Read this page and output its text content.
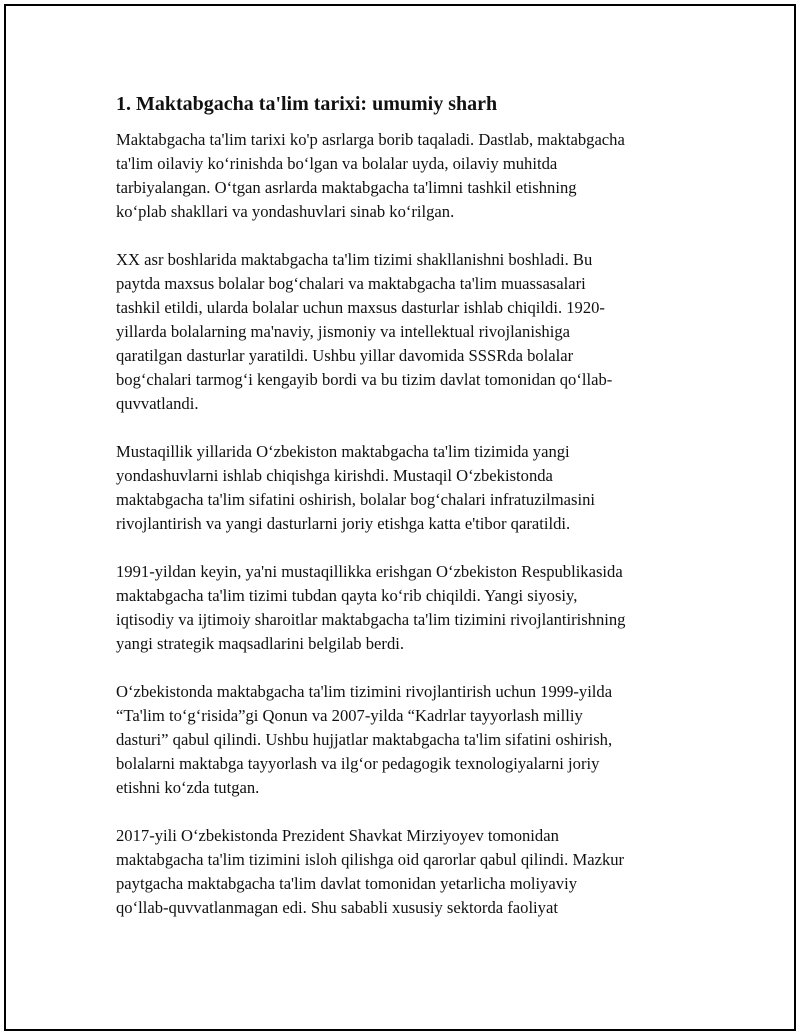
1. Maktabgacha ta'lim tarixi: umumiy sharh

Maktabgacha ta'lim tarixi ko'p asrlarga borib taqaladi. Dastlab, maktabgacha
ta'lim oilaviy ko‘rinishda bo‘lgan va bolalar uyda, oilaviy muhitda
tarbiyalangan. O‘tgan asrlarda maktabgacha ta'limni tashkil etishning
ko‘plab shakllari va yondashuvlari sinab ko‘rilgan.

XX asr boshlarida maktabgacha ta'lim tizimi shakllanishni boshladi. Bu
paytda maxsus bolalar bog‘chalari va maktabgacha ta'lim muassasalari
tashkil etildi, ularda bolalar uchun maxsus dasturlar ishlab chiqildi. 1920-
yillarda bolalarning ma'naviy, jismoniy va intellektual rivojlanishiga
qaratilgan dasturlar yaratildi. Ushbu yillar davomida SSSRda bolalar
bog‘chalari tarmog‘i kengayib bordi va bu tizim davlat tomonidan qo‘llab-
quvvatlandi.

Mustaqillik yillarida O‘zbekiston maktabgacha ta'lim tizimida yangi
yondashuvlarni ishlab chiqishga kirishdi. Mustaqil O‘zbekistonda
maktabgacha ta'lim sifatini oshirish, bolalar bog‘chalari infratuzilmasini
rivojlantirish va yangi dasturlarni joriy etishga katta e'tibor qaratildi.

1991-yildan keyin, ya'ni mustaqillikka erishgan O‘zbekiston Respublikasida
maktabgacha ta'lim tizimi tubdan qayta ko‘rib chiqildi. Yangi siyosiy,
iqtisodiy va ijtimoiy sharoitlar maktabgacha ta'lim tizimini rivojlantirishning
yangi strategik maqsadlarini belgilab berdi.

O‘zbekistonda maktabgacha ta'lim tizimini rivojlantirish uchun 1999-yilda
“Ta'lim to‘g‘risida”gi Qonun va 2007-yilda “Kadrlar tayyorlash milliy
dasturi” qabul qilindi. Ushbu hujjatlar maktabgacha ta'lim sifatini oshirish,
bolalarni maktabga tayyorlash va ilg‘or pedagogik texnologiyalarni joriy
etishni ko‘zda tutgan.

2017-yili O‘zbekistonda Prezident Shavkat Mirziyoyev tomonidan
maktabgacha ta'lim tizimini isloh qilishga oid qarorlar qabul qilindi. Mazkur
paytgacha maktabgacha ta'lim davlat tomonidan yetarlicha moliyaviy
qo‘llab-quvvatlanmagan edi. Shu sababli xususiy sektorda faoliyat
